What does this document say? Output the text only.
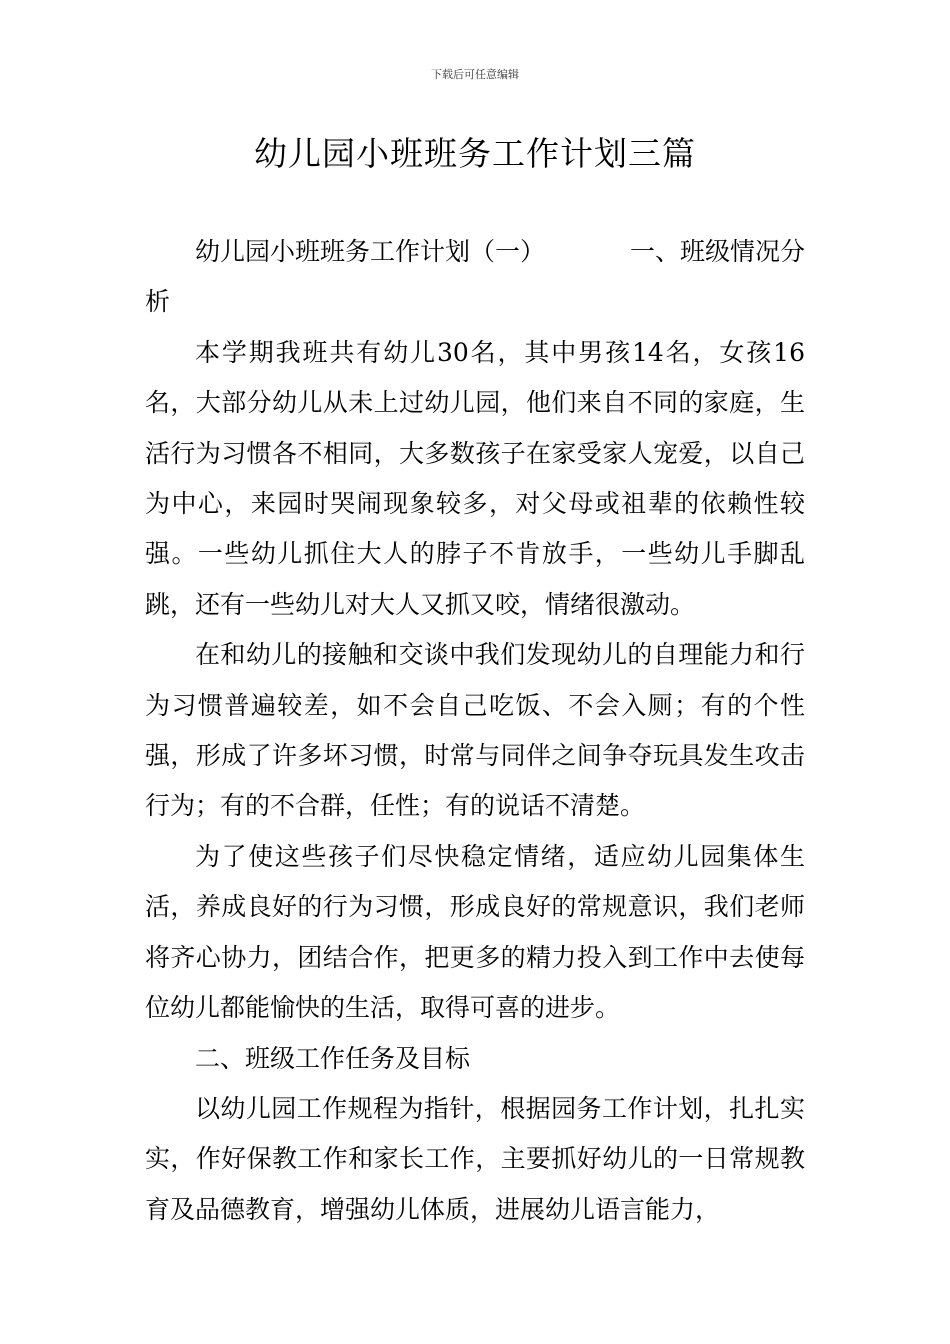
下载后可任意编辑
幼儿园小班班务工作计划三篇
幼儿园小班班务工作计划（一）	一、班级情况分
析

本学期我班共有幼儿30名，其中男孩14名，女孩16名，大部分幼儿从未上过幼儿园，他们来自不同的家庭，生活行为习惯各不相同，大多数孩子在家受家人宠爱，以自己为中心，来园时哭闹现象较多，对父母或祖辈的依赖性较强。一些幼儿抓住大人的脖子不肯放手，一些幼儿手脚乱跳，还有一些幼儿对大人又抓又咬，情绪很激动。

在和幼儿的接触和交谈中我们发现幼儿的自理能力和行为习惯普遍较差，如不会自己吃饭、不会入厕；有的个性强，形成了许多坏习惯，时常与同伴之间争夺玩具发生攻击行为；有的不合群，任性；有的说话不清楚。

为了使这些孩子们尽快稳定情绪，适应幼儿园集体生活，养成良好的行为习惯，形成良好的常规意识，我们老师将齐心协力，团结合作，把更多的精力投入到工作中去使每位幼儿都能愉快的生活，取得可喜的进步。

二、班级工作任务及目标

以幼儿园工作规程为指针，根据园务工作计划，扎扎实实，作好保教工作和家长工作，主要抓好幼儿的一日常规教育及品德教育，增强幼儿体质，进展幼儿语言能力，
